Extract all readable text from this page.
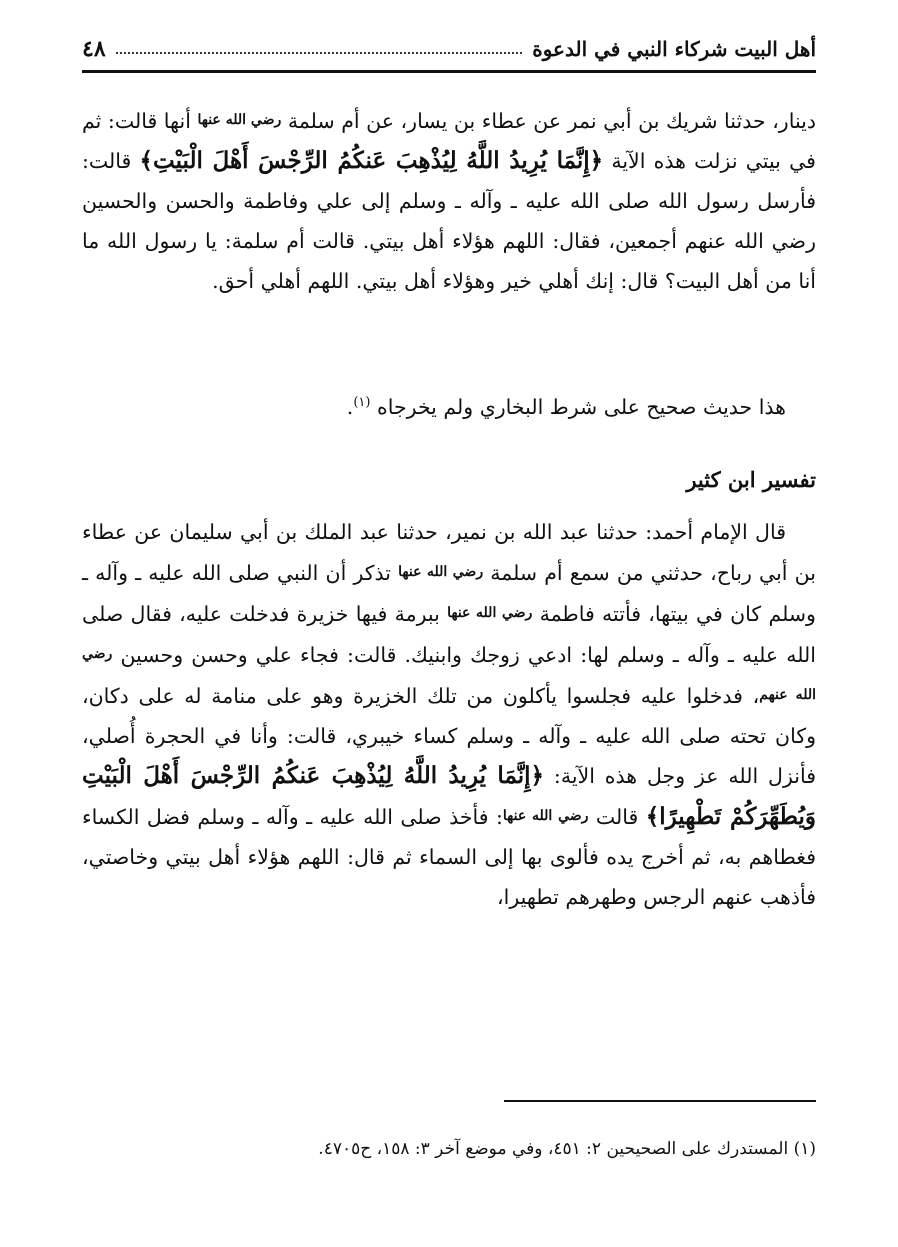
أهل البيت شركاء النبي في الدعوة
٤٨

دينار، حدثنا شريك بن أبي نمر عن عطاء بن يسار، عن أم سلمة رضي الله عنها أنها قالت: ثم في بيتي نزلت هذه الآية ﴿إِنَّمَا يُرِيدُ اللَّهُ لِيُذْهِبَ عَنكُمُ الرِّجْسَ أَهْلَ الْبَيْتِ﴾ قالت: فأرسل رسول الله صلى الله عليه ـ وآله ـ وسلم إلى علي وفاطمة والحسن والحسين رضي الله عنهم أجمعين، فقال: اللهم هؤلاء أهل بيتي. قالت أم سلمة: يا رسول الله ما أنا من أهل البيت؟ قال: إنك أهلي خير وهؤلاء أهل بيتي. اللهم أهلي أحق.

هذا حديث صحيح على شرط البخاري ولم يخرجاه $^{(١)}$.

تفسير ابن كثير

قال الإمام أحمد: حدثنا عبد الله بن نمير، حدثنا عبد الملك بن أبي سليمان عن عطاء بن أبي رباح، حدثني من سمع أم سلمة رضي الله عنها تذكر أن النبي صلى الله عليه ـ وآله ـ وسلم كان في بيتها، فأتته فاطمة رضي الله عنها ببرمة فيها خزيرة فدخلت عليه، فقال صلى الله عليه ـ وآله ـ وسلم لها: ادعي زوجك وابنيك. قالت: فجاء علي وحسن وحسين رضي الله عنهم، فدخلوا عليه فجلسوا يأكلون من تلك الخزيرة وهو على منامة له على دكان، وكان تحته صلى الله عليه ـ وآله ـ وسلم كساء خيبري، قالت: وأنا في الحجرة أُصلي، فأنزل الله عز وجل هذه الآية: ﴿إِنَّمَا يُرِيدُ اللَّهُ لِيُذْهِبَ عَنكُمُ الرِّجْسَ أَهْلَ الْبَيْتِ وَيُطَهِّرَكُمْ تَطْهِيرًا﴾ قالت رضي الله عنها: فأخذ صلى الله عليه ـ وآله ـ وسلم فضل الكساء فغطاهم به، ثم أخرج يده فألوى بها إلى السماء ثم قال: اللهم هؤلاء أهل بيتي وخاصتي، فأذهب عنهم الرجس وطهرهم تطهيرا،

(١) المستدرك على الصحيحين ٢: ٤٥١، وفي موضع آخر ٣: ١٥٨، ح٤٧٠٥.
